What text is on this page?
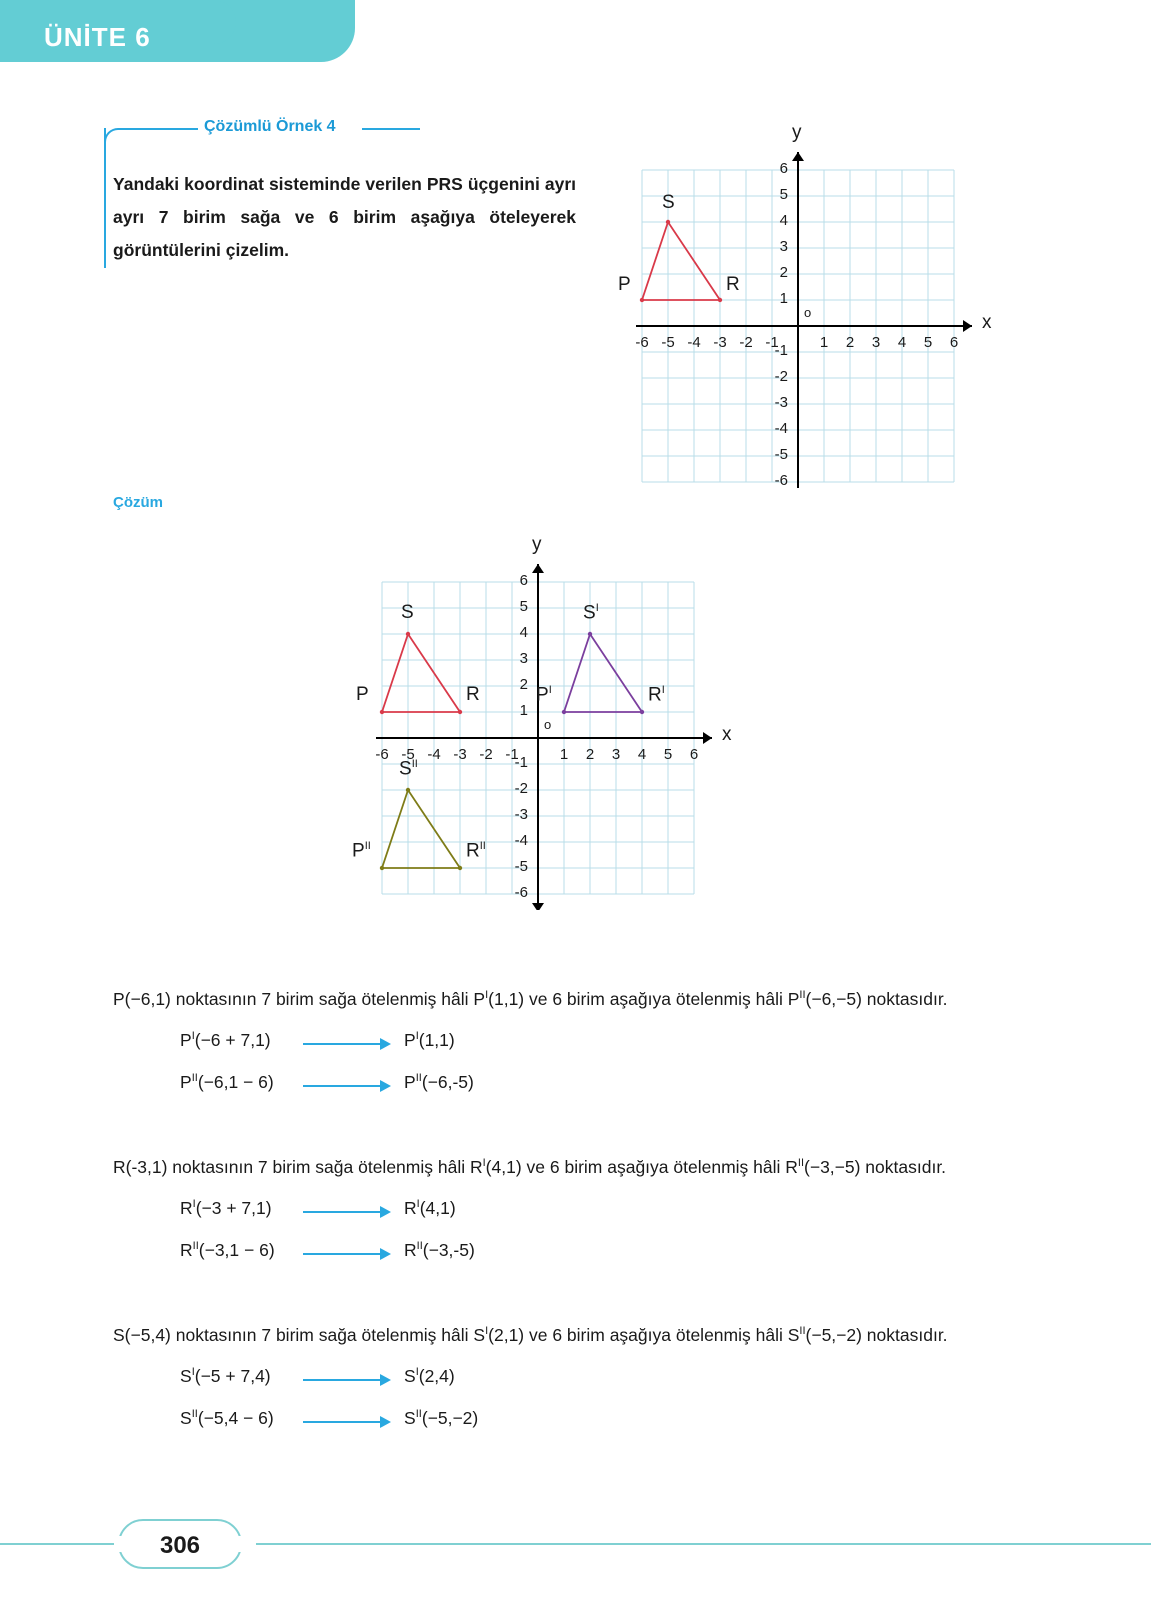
ÜNİTE 6
Çözümlü Örnek 4
Yandaki koordinat sisteminde verilen PRS üçgenini ayrı ayrı 7 birim sağa ve 6 birim aşağıya öteleyerek görüntülerini çizelim.
Çözüm
-6 -5 -4 -3 -2 -1	1	2	3	4	5	6
6
5
4
3
2
1
-1
-2
-3
-4
-5
-6
x
y
o
P	R
S
-6 -5 -4 -3 -2 -1	1	2	3	4	5	6
6
5
4
3
2
1
-1
-2
-3
-4
-5
-6
x
y
o
P	R
S
$P^I$	$R^I$
$S^I$
$P^{II}$	$R^{II}$
$S^{II}$
P(−6,1) noktasının 7 birim sağa ötelenmiş hâli $P^I(1,1)$ ve 6 birim aşağıya ötelenmiş hâli $P^{II}(-6,-5)$ noktasıdır.
$P^I(-6 + 7,1)$	$P^I(1,1)$
$P^{II}(-6,1 - 6)$	$P^{II}(-6,-5)$
R(-3,1) noktasının 7 birim sağa ötelenmiş hâli $R^I(4,1)$ ve 6 birim aşağıya ötelenmiş hâli $R^{II}(-3,-5)$ noktasıdır.
$R^I(-3 + 7,1)$	$R^I(4,1)$
$R^{II}(-3,1 - 6)$	$R^{II}(-3,-5)$
S(−5,4) noktasının 7 birim sağa ötelenmiş hâli $S^I(2,1)$ ve 6 birim aşağıya ötelenmiş hâli $S^{II}(-5,-2)$ noktasıdır.
$S^I(-5 + 7,4)$	$S^I(2,4)$
$S^{II}(-5,4 - 6)$	$S^{II}(-5,-2)$
306
